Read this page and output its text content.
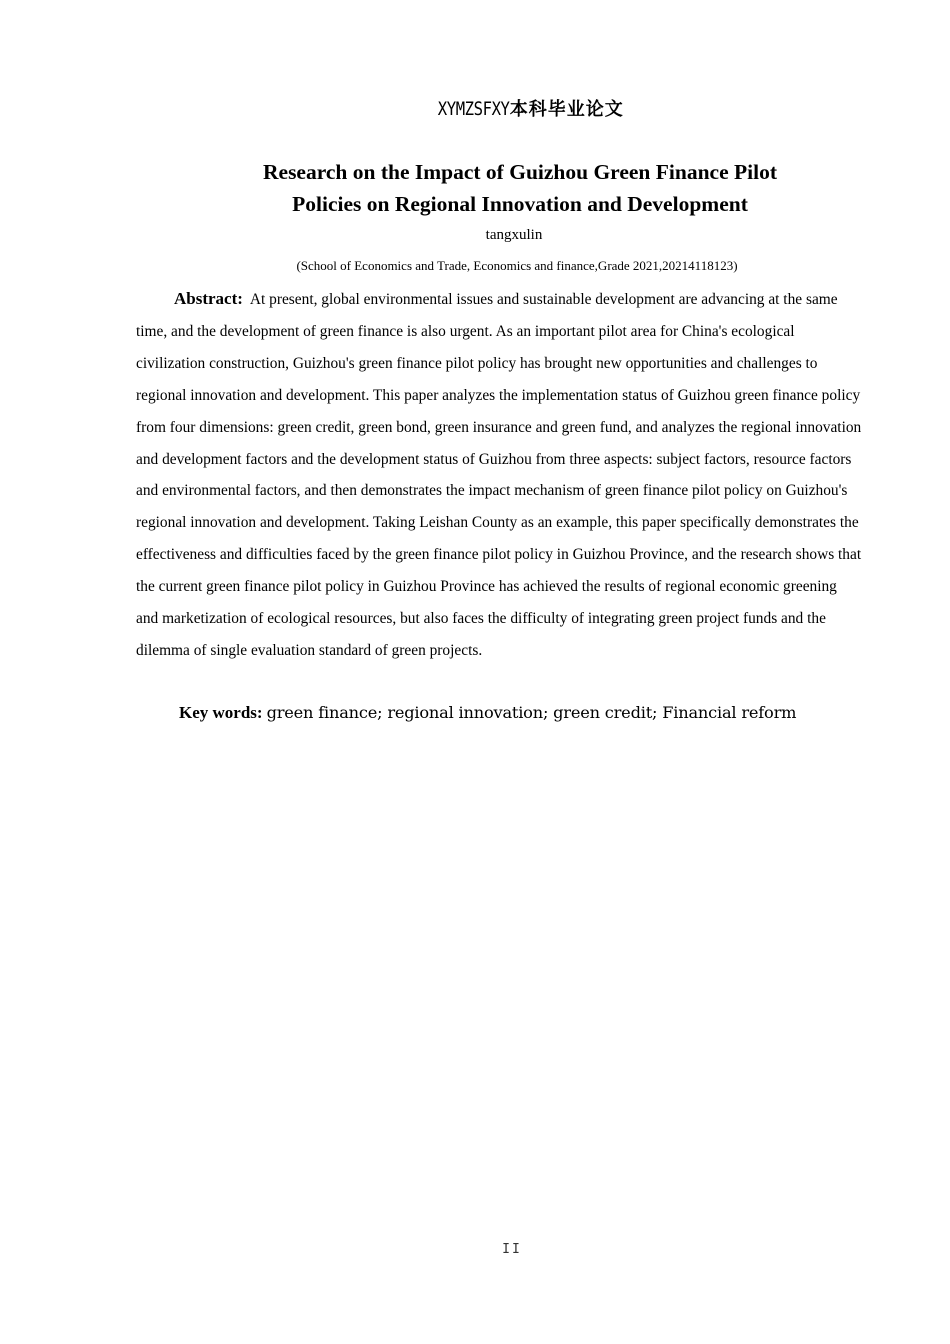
XYMZSFXY本科毕业论文
Research on the Impact of Guizhou Green Finance Pilot
Policies on Regional Innovation and Development
tangxulin
(School of Economics and Trade, Economics and finance,Grade 2021,20214118123)

Abstract: At present, global environmental issues and sustainable development are advancing at the same time, and the development of green finance is also urgent. As an important pilot area for China's ecological civilization construction, Guizhou's green finance pilot policy has brought new opportunities and challenges to regional innovation and development. This paper analyzes the implementation status of Guizhou green finance policy from four dimensions: green credit, green bond, green insurance and green fund, and analyzes the regional innovation and development factors and the development status of Guizhou from three aspects: subject factors, resource factors and environmental factors, and then demonstrates the impact mechanism of green finance pilot policy on Guizhou's regional innovation and development. Taking Leishan County as an example, this paper specifically demonstrates the effectiveness and difficulties faced by the green finance pilot policy in Guizhou Province, and the research shows that the current green finance pilot policy in Guizhou Province has achieved the results of regional economic greening and marketization of ecological resources, but also faces the difficulty of integrating green project funds and the dilemma of single evaluation standard of green projects.

Key words: green finance; regional innovation; green credit; Financial reform
II
